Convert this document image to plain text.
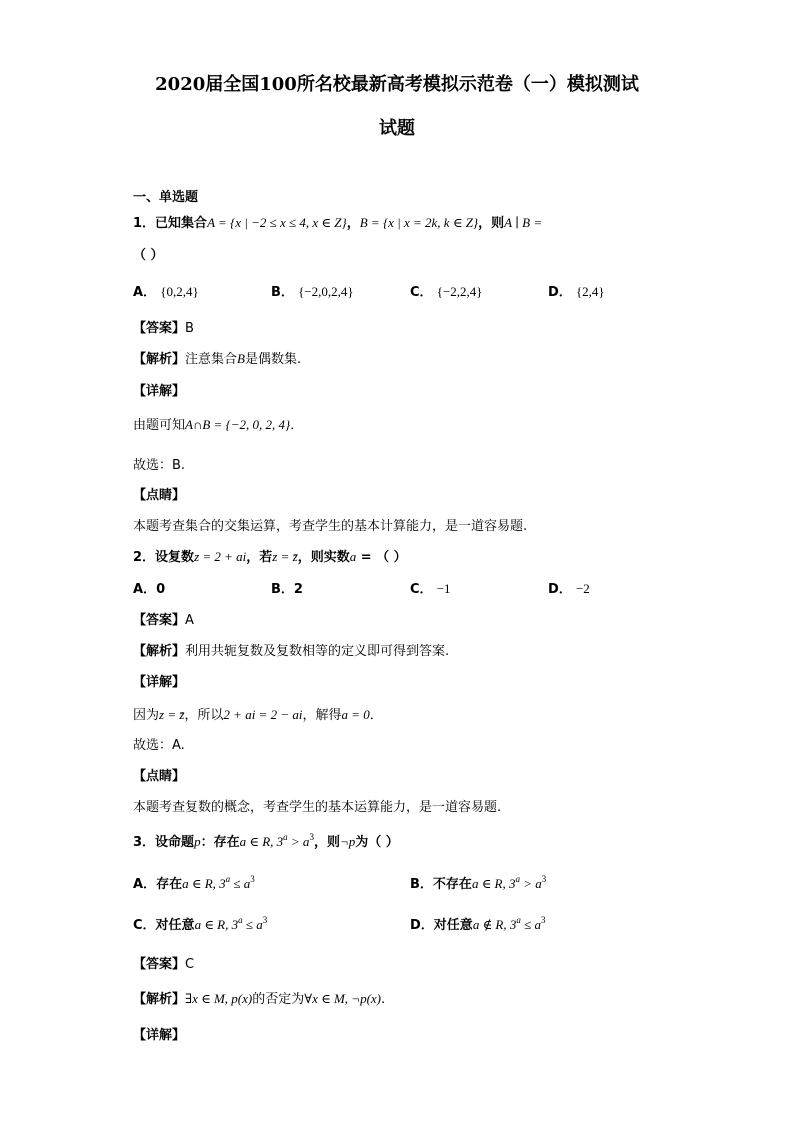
2020届全国100所名校最新高考模拟示范卷（一）模拟测试
试题
一、单选题
1．已知集合A = {x | −2 ≤ x ≤ 4, x ∈ Z}，B = {x | x = 2k, k ∈ Z}，则A ∣ B =
（ ）
A． {0,2,4}	B． {−2,0,2,4}	C． {−2,2,4}	D． {2,4}
【答案】B
【解析】注意集合B是偶数集.
【详解】
由题可知A∩B = {−2, 0, 2, 4}．
故选：B.
【点睛】
本题考查集合的交集运算，考查学生的基本计算能力，是一道容易题.
2．设复数z = 2 + ai，若z = z̄，则实数a = （ ）
A．0	B．2	C． −1	D． −2
【答案】A
【解析】利用共轭复数及复数相等的定义即可得到答案.
【详解】
因为z = z̄，所以2 + ai = 2 − ai，解得a = 0．
故选：A.
【点睛】
本题考查复数的概念，考查学生的基本运算能力，是一道容易题.
3．设命题p：存在a ∈ R, $3^a > a^3$，则¬p为（ ）
A．存在a ∈ R, $3^a \le a^3$	B．不存在a ∈ R, $3^a > a^3$
C．对任意a ∈ R, $3^a \le a^3$	D．对任意a ∉ R, $3^a \le a^3$
【答案】C
【解析】∃x ∈ M, p(x)的否定为∀x ∈ M, ¬p(x).
【详解】
